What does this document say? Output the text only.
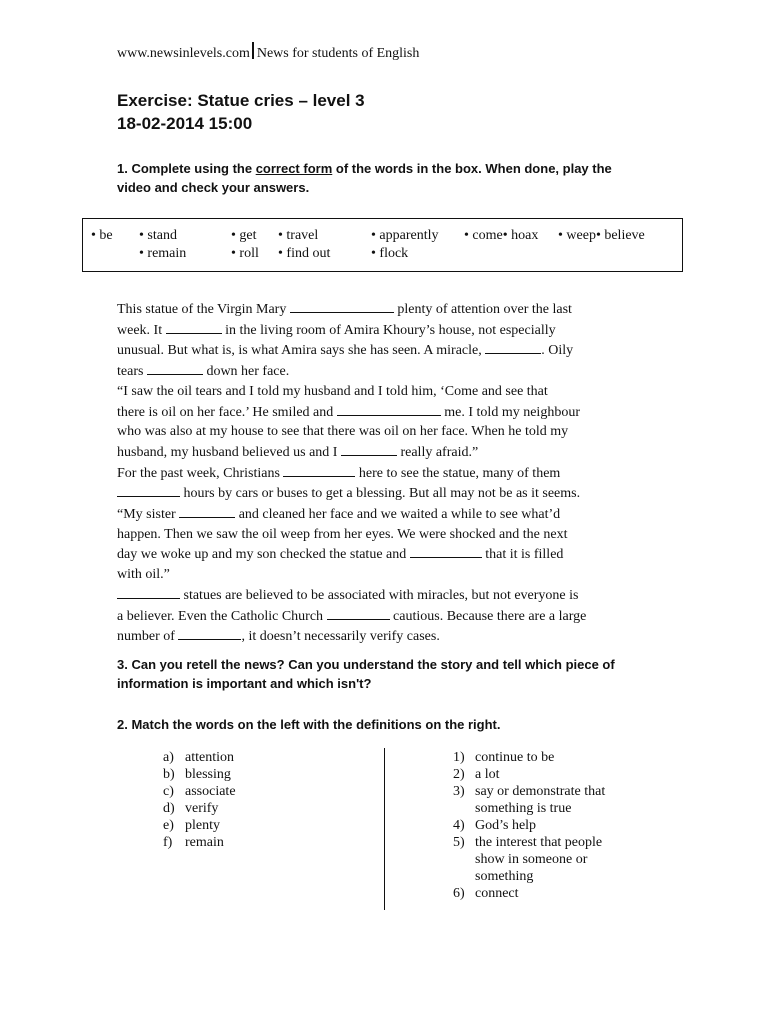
www.newsinlevels.com News for students of English
Exercise: Statue cries – level 3
18-02-2014 15:00
1. Complete using the correct form of the words in the box. When done, play the
video and check your answers.
• be • stand	• get • travel	• apparently • come• hoax • weep• believe
• remain	• roll • find out	• flock
This statue of the Virgin Mary	plenty of attention over the last
week. It	in the living room of Amira Khoury’s house, not especially
unusual. But what is, is what Amira says she has seen. A miracle,	. Oily
tears	down her face.
“I saw the oil tears and I told my husband and I told him, ‘Come and see that
there is oil on her face.’ He smiled and	me. I told my neighbour
who was also at my house to see that there was oil on her face. When he told my
husband, my husband believed us and I	really afraid.”
For the past week, Christians	here to see the statue, many of them
hours by cars or buses to get a blessing. But all may not be as it seems.
“My sister	and cleaned her face and we waited a while to see what’d
happen. Then we saw the oil weep from her eyes. We were shocked and the next
day we woke up and my son checked the statue and	that it is filled
with oil.”
statues are believed to be associated with miracles, but not everyone is
a believer. Even the Catholic Church	cautious. Because there are a large
number of	, it doesn’t necessarily verify cases.
3. Can you retell the news? Can you understand the story and tell which piece of
information is important and which isn't?
2. Match the words on the left with the definitions on the right.
a) attention
b) blessing
c) associate
d) verify
e) plenty
f) remain
1) continue to be
2) a lot
3) say or demonstrate that
something is true
4) God’s help
5) the interest that people
show in someone or
something
6) connect
